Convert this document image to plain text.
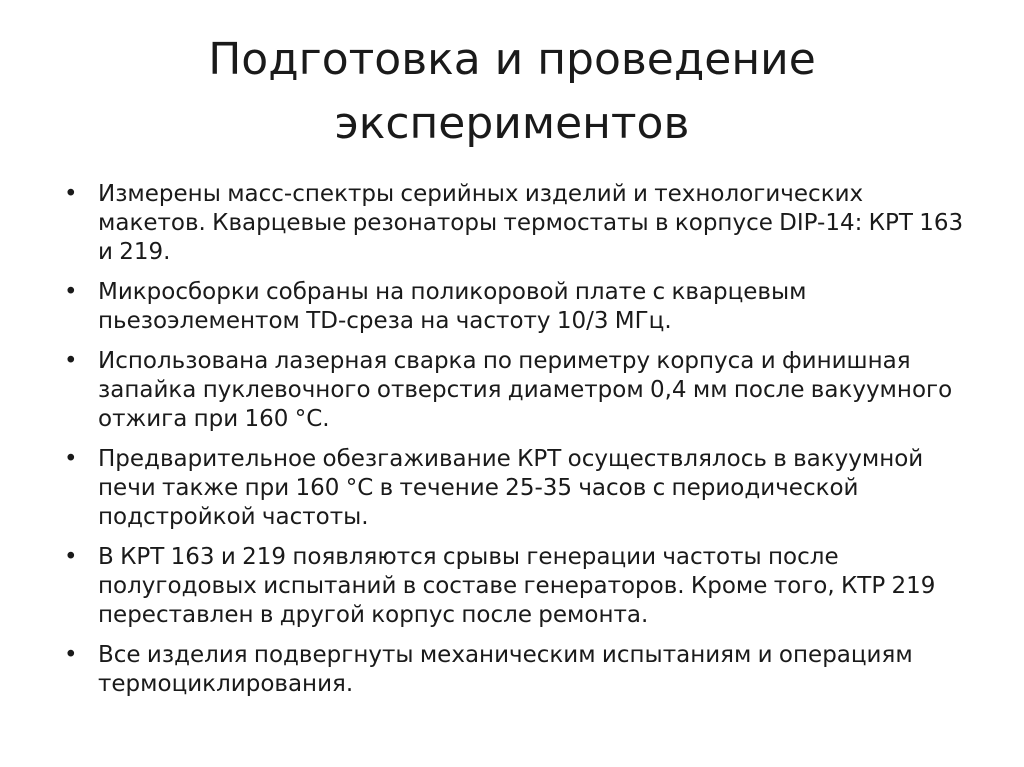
Подготовка и проведение
экспериментов
• Измерены масс-спектры серийных изделий и технологических макетов. Кварцевые резонаторы термостаты в корпусе DIP-14: КРТ 163 и 219.
• Микросборки собраны на поликоровой плате с кварцевым пьезоэлементом TD-среза на частоту 10/3 МГц.
• Использована лазерная сварка по периметру корпуса и финишная запайка пуклевочного отверстия диаметром 0,4 мм после вакуумного отжига при 160 °С.
• Предварительное обезгаживание КРТ осуществлялось в вакуумной печи также при 160 °С в течение 25-35 часов с периодической подстройкой частоты.
• В КРТ 163 и 219 появляются срывы генерации частоты после полугодовых испытаний в составе генераторов. Кроме того, КТР 219 переставлен в другой корпус после ремонта.
• Все изделия подвергнуты механическим испытаниям и операциям термоциклирования.
